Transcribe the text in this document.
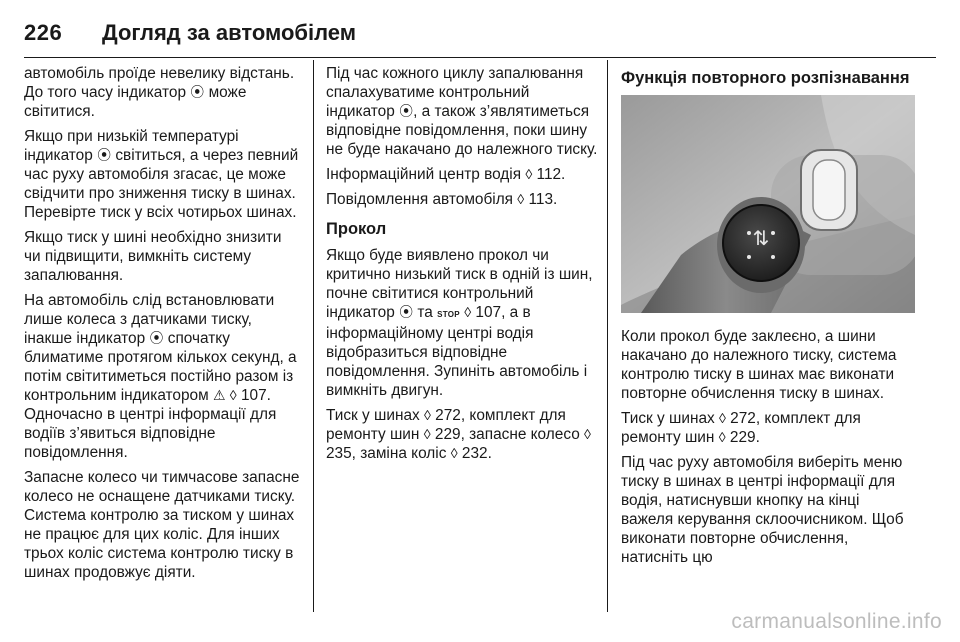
226 Догляд за автомобілем

автомобіль проїде невелику відстань. До того часу індикатор ⦿ може світитися.

Якщо при низькій температурі індикатор ⦿ світиться, а через певний час руху автомобіля згасає, це може свідчити про зниження тиску в шинах. Перевірте тиск у всіх чотирьох шинах.

Якщо тиск у шині необхідно знизити чи підвищити, вимкніть систему запалювання.

На автомобіль слід встановлювати лише колеса з датчиками тиску, інакше індикатор ⦿ спочатку блиматиме протягом кількох секунд, а потім світитиметься постійно разом із контрольним індикатором ⚠ ◊ 107. Одночасно в центрі інформації для водіїв з’явиться відповідне повідомлення.

Запасне колесо чи тимчасове запасне колесо не оснащене датчиками тиску. Система контролю за тиском у шинах не працює для цих коліс. Для інших трьох коліс система контролю тиску в шинах продовжує діяти.

Під час кожного циклу запалювання спалахуватиме контрольний індикатор ⦿, а також з’являтиметься відповідне повідомлення, поки шину не буде накачано до належного тиску.

Інформаційний центр водія ◊ 112.

Повідомлення автомобіля ◊ 113.

Прокол

Якщо буде виявлено прокол чи критично низький тиск в одній із шин, почне світитися контрольний індикатор ⦿ та STOP ◊ 107, а в інформаційному центрі водія відобразиться відповідне повідомлення. Зупиніть автомобіль і вимкніть двигун.

Тиск у шинах ◊ 272, комплект для ремонту шин ◊ 229, запасне колесо ◊ 235, заміна коліс ◊ 232.

Функція повторного розпізнавання
⇅

Коли прокол буде заклеєно, а шини накачано до належного тиску, система контролю тиску в шинах має виконати повторне обчислення тиску в шинах.

Тиск у шинах ◊ 272, комплект для ремонту шин ◊ 229.

Під час руху автомобіля виберіть меню тиску в шинах в центрі інформації для водія, натиснувши кнопку на кінці важеля керування склоочисником. Щоб виконати повторне обчислення, натисніть цю

carmanualsonline.info
